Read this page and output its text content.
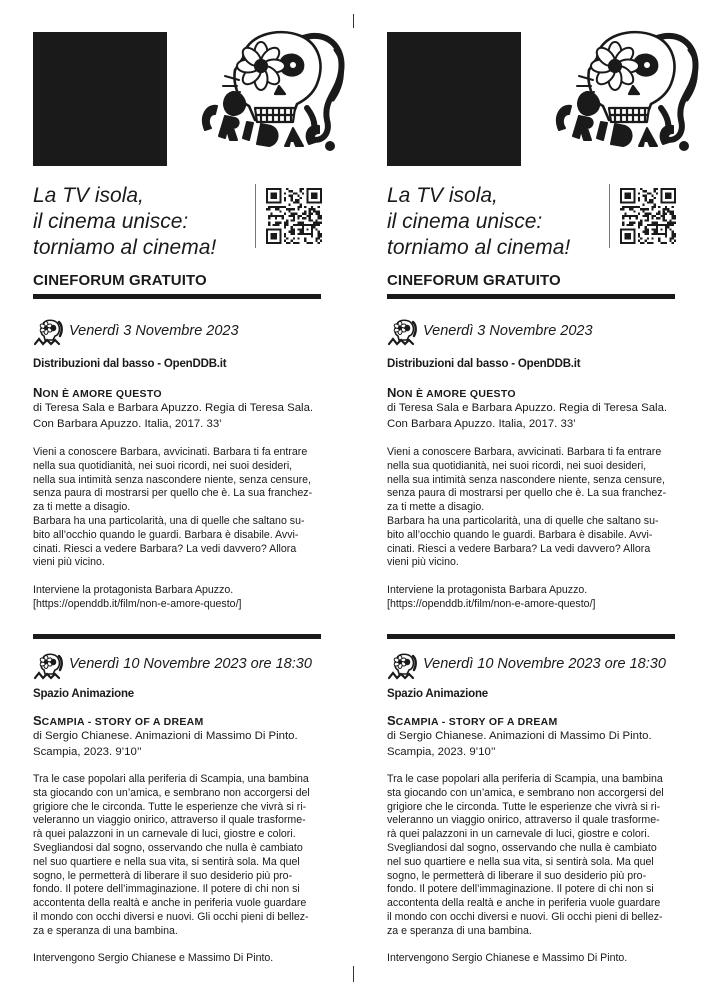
La TV isola,
il cinema unisce:
torniamo al cinema!
CINEFORUM GRATUITO
Venerdì 3 Novembre 2023
Distribuzioni dal basso - OpenDDB.it
NON È AMORE QUESTO
di Teresa Sala e Barbara Apuzzo. Regia di Teresa Sala.
Con Barbara Apuzzo. Italia, 2017. 33’
Vieni a conoscere Barbara, avvicinati. Barbara ti fa entrare
nella sua quotidianità, nei suoi ricordi, nei suoi desideri,
nella sua intimità senza nascondere niente, senza censure,
senza paura di mostrarsi per quello che è. La sua franchez-
za ti mette a disagio.
Barbara ha una particolarità, una di quelle che saltano su-
bito all’occhio quando le guardi. Barbara è disabile. Avvi-
cinati. Riesci a vedere Barbara? La vedi davvero? Allora
vieni più vicino.
Interviene la protagonista Barbara Apuzzo.
[https://openddb.it/film/non-e-amore-questo/]
Venerdì 10 Novembre 2023 ore 18:30
Spazio Animazione
SCAMPIA - STORY OF A DREAM
di Sergio Chianese. Animazioni di Massimo Di Pinto.
Scampia, 2023. 9’10’’
Tra le case popolari alla periferia di Scampia, una bambina
sta giocando con un’amica, e sembrano non accorgersi del
grigiore che le circonda. Tutte le esperienze che vivrà si ri-
veleranno un viaggio onirico, attraverso il quale trasforme-
rà quei palazzoni in un carnevale di luci, giostre e colori.
Svegliandosi dal sogno, osservando che nulla è cambiato
nel suo quartiere e nella sua vita, si sentirà sola. Ma quel
sogno, le permetterà di liberare il suo desiderio più pro-
fondo. Il potere dell’immaginazione. Il potere di chi non si
accontenta della realtà e anche in periferia vuole guardare
il mondo con occhi diversi e nuovi. Gli occhi pieni di bellez-
za e speranza di una bambina.
Intervengono Sergio Chianese e Massimo Di Pinto.
La TV isola,
il cinema unisce:
torniamo al cinema!
CINEFORUM GRATUITO
Venerdì 3 Novembre 2023
Distribuzioni dal basso - OpenDDB.it
NON È AMORE QUESTO
di Teresa Sala e Barbara Apuzzo. Regia di Teresa Sala.
Con Barbara Apuzzo. Italia, 2017. 33’
Vieni a conoscere Barbara, avvicinati. Barbara ti fa entrare
nella sua quotidianità, nei suoi ricordi, nei suoi desideri,
nella sua intimità senza nascondere niente, senza censure,
senza paura di mostrarsi per quello che è. La sua franchez-
za ti mette a disagio.
Barbara ha una particolarità, una di quelle che saltano su-
bito all’occhio quando le guardi. Barbara è disabile. Avvi-
cinati. Riesci a vedere Barbara? La vedi davvero? Allora
vieni più vicino.
Interviene la protagonista Barbara Apuzzo.
[https://openddb.it/film/non-e-amore-questo/]
Venerdì 10 Novembre 2023 ore 18:30
Spazio Animazione
SCAMPIA - STORY OF A DREAM
di Sergio Chianese. Animazioni di Massimo Di Pinto.
Scampia, 2023. 9’10’’
Tra le case popolari alla periferia di Scampia, una bambina
sta giocando con un’amica, e sembrano non accorgersi del
grigiore che le circonda. Tutte le esperienze che vivrà si ri-
veleranno un viaggio onirico, attraverso il quale trasforme-
rà quei palazzoni in un carnevale di luci, giostre e colori.
Svegliandosi dal sogno, osservando che nulla è cambiato
nel suo quartiere e nella sua vita, si sentirà sola. Ma quel
sogno, le permetterà di liberare il suo desiderio più pro-
fondo. Il potere dell’immaginazione. Il potere di chi non si
accontenta della realtà e anche in periferia vuole guardare
il mondo con occhi diversi e nuovi. Gli occhi pieni di bellez-
za e speranza di una bambina.
Intervengono Sergio Chianese e Massimo Di Pinto.
